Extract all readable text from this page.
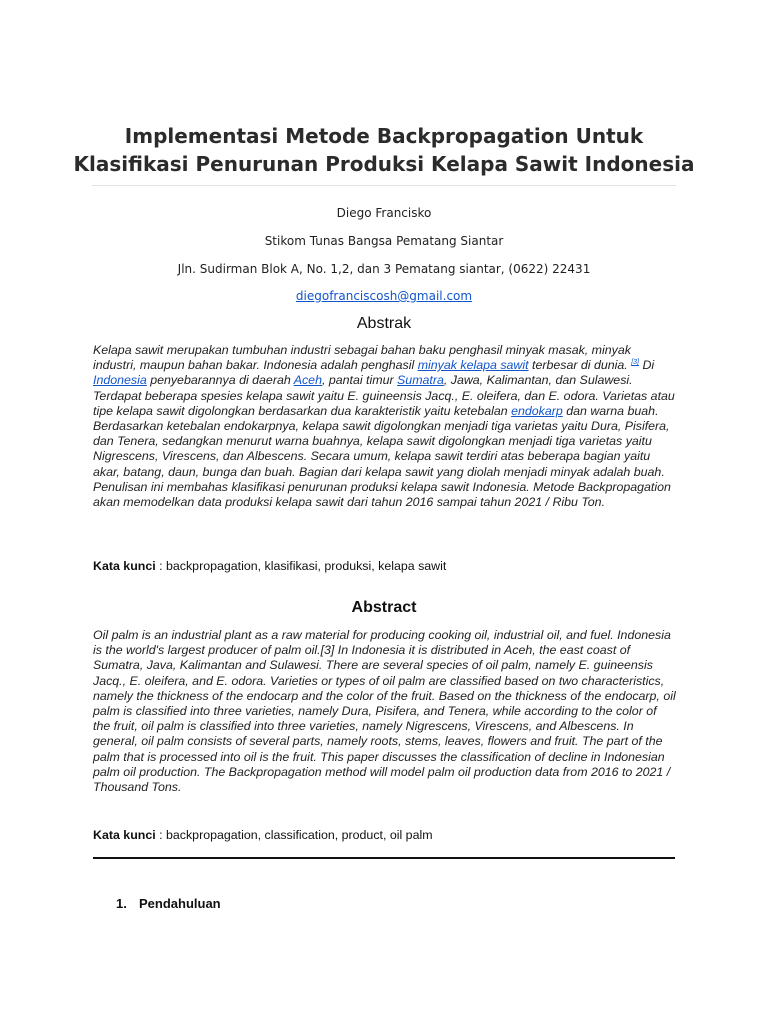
Implementasi Metode Backpropagation Untuk
Klasifikasi Penurunan Produksi Kelapa Sawit Indonesia
Diego Francisko
Stikom Tunas Bangsa Pematang Siantar
Jln. Sudirman Blok A, No. 1,2, dan 3 Pematang siantar, (0622) 22431
diegofranciscosh@gmail.com
Abstrak

Kelapa sawit merupakan tumbuhan industri sebagai bahan baku penghasil minyak masak, minyak industri, maupun bahan bakar. Indonesia adalah penghasil minyak kelapa sawit terbesar di dunia. [3] Di Indonesia penyebarannya di daerah Aceh, pantai timur Sumatra, Jawa, Kalimantan, dan Sulawesi. Terdapat beberapa spesies kelapa sawit yaitu E. guineensis Jacq., E. oleifera, dan E. odora. Varietas atau tipe kelapa sawit digolongkan berdasarkan dua karakteristik yaitu ketebalan endokarp dan warna buah. Berdasarkan ketebalan endokarpnya, kelapa sawit digolongkan menjadi tiga varietas yaitu Dura, Pisifera, dan Tenera, sedangkan menurut warna buahnya, kelapa sawit digolongkan menjadi tiga varietas yaitu Nigrescens, Virescens, dan Albescens. Secara umum, kelapa sawit terdiri atas beberapa bagian yaitu akar, batang, daun, bunga dan buah. Bagian dari kelapa sawit yang diolah menjadi minyak adalah buah. Penulisan ini membahas klasifikasi penurunan produksi kelapa sawit Indonesia. Metode Backpropagation akan memodelkan data produksi kelapa sawit dari tahun 2016 sampai tahun 2021 / Ribu Ton.

Kata kunci : backpropagation, klasifikasi, produksi, kelapa sawit

Abstract

Oil palm is an industrial plant as a raw material for producing cooking oil, industrial oil, and fuel. Indonesia is the world's largest producer of palm oil.[3] In Indonesia it is distributed in Aceh, the east coast of Sumatra, Java, Kalimantan and Sulawesi. There are several species of oil palm, namely E. guineensis Jacq., E. oleifera, and E. odora. Varieties or types of oil palm are classified based on two characteristics, namely the thickness of the endocarp and the color of the fruit. Based on the thickness of the endocarp, oil palm is classified into three varieties, namely Dura, Pisifera, and Tenera, while according to the color of the fruit, oil palm is classified into three varieties, namely Nigrescens, Virescens, and Albescens. In general, oil palm consists of several parts, namely roots, stems, leaves, flowers and fruit. The part of the palm that is processed into oil is the fruit. This paper discusses the classification of decline in Indonesian palm oil production. The Backpropagation method will model palm oil production data from 2016 to 2021 / Thousand Tons.

Kata kunci : backpropagation, classification, product, oil palm

1. Pendahuluan
